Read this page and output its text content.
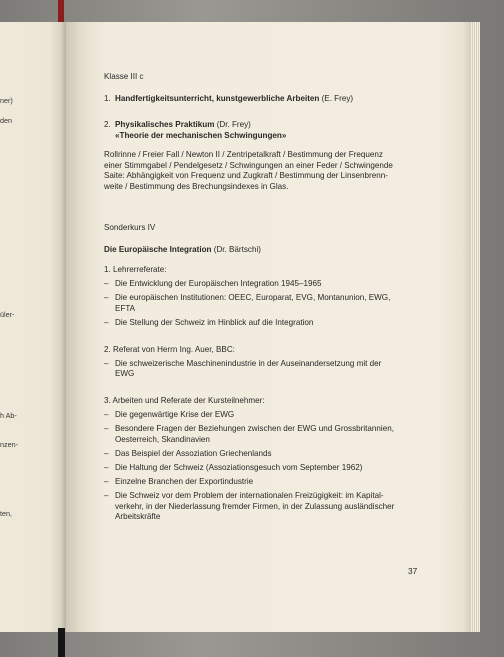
ner)
den
üler-
h Ab-
nzen-
ten,

Klasse III c

1. Handfertigkeitsunterricht, kunstgewerbliche Arbeiten (E. Frey)
2. Physikalisches Praktikum (Dr. Frey)
«Theorie der mechanischen Schwingungen»
Rollrinne / Freier Fall / Newton II / Zentripetalkraft / Bestimmung der Frequenz
einer Stimmgabel / Pendelgesetz / Schwingungen an einer Feder / Schwingende
Saite: Abhängigkeit von Frequenz und Zugkraft / Bestimmung der Linsenbrenn-
weite / Bestimmung des Brechungsindexes in Glas.

Sonderkurs IV

Die Europäische Integration (Dr. Bärtschi)
1. Lehrerreferate:
– Die Entwicklung der Europäischen Integration 1945–1965
– Die europäischen Institutionen: OEEC, Europarat, EVG, Montanunion, EWG,
EFTA
– Die Stellung der Schweiz im Hinblick auf die Integration
2. Referat von Herrn Ing. Auer, BBC:
– Die schweizerische Maschinenindustrie in der Auseinandersetzung mit der
EWG
3. Arbeiten und Referate der Kursteilnehmer:
– Die gegenwärtige Krise der EWG
– Besondere Fragen der Beziehungen zwischen der EWG und Grossbritannien,
Oesterreich, Skandinavien
– Das Beispiel der Assoziation Griechenlands
– Die Haltung der Schweiz (Assoziationsgesuch vom September 1962)
– Einzelne Branchen der Exportindustrie
– Die Schweiz vor dem Problem der internationalen Freizügigkeit: im Kapital-
verkehr, in der Niederlassung fremder Firmen, in der Zulassung ausländischer
Arbeitskräfte
37
